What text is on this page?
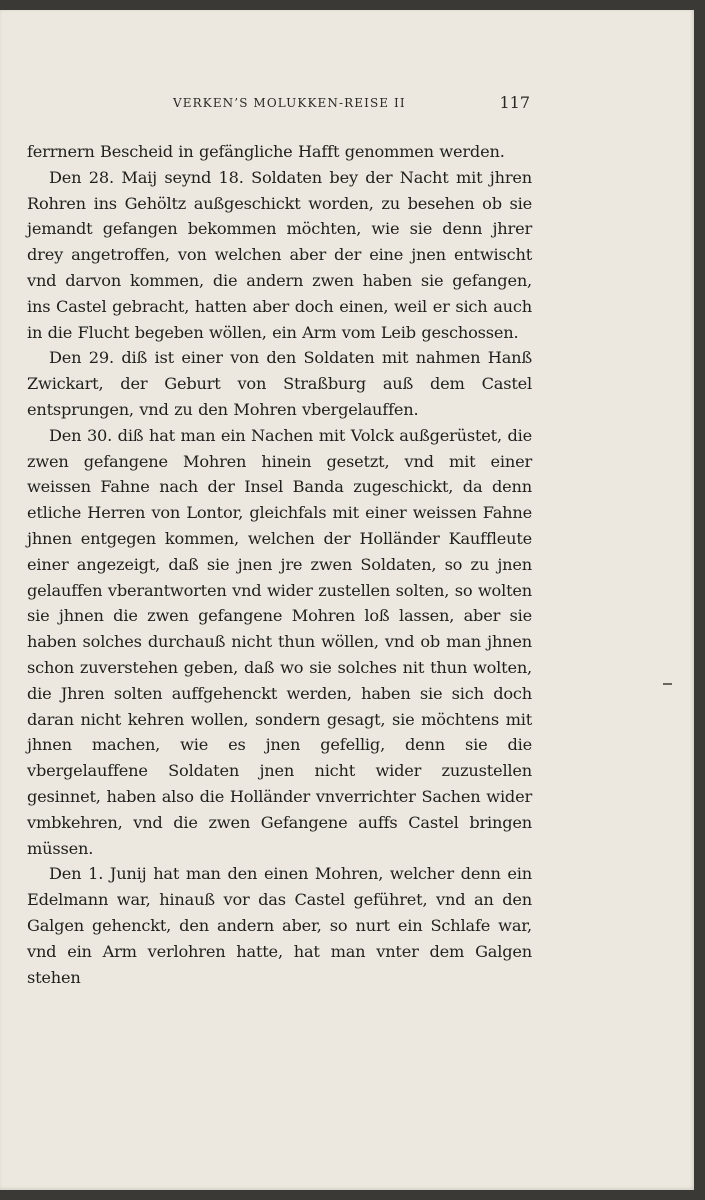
VERKEN’S MOLUKKEN-REISE II	117

ferrnern Bescheid in gefängliche Hafft genommen werden.

Den 28. Maij seynd 18. Soldaten bey der Nacht mit jhren Rohren ins Gehöltz außgeschickt worden, zu besehen ob sie jemandt gefangen bekommen möchten, wie sie denn jhrer drey angetroffen, von welchen aber der eine jnen entwischt vnd darvon kommen, die andern zwen haben sie gefangen, ins Castel gebracht, hatten aber doch einen, weil er sich auch in die Flucht begeben wöllen, ein Arm vom Leib geschossen.

Den 29. diß ist einer von den Soldaten mit nahmen Hanß Zwickart, der Geburt von Straßburg auß dem Castel entsprungen, vnd zu den Mohren vbergelauffen.

Den 30. diß hat man ein Nachen mit Volck außgerüstet, die zwen gefangene Mohren hinein gesetzt, vnd mit einer weissen Fahne nach der Insel Banda zugeschickt, da denn etliche Herren von Lontor, gleichfals mit einer weissen Fahne jhnen entgegen kommen, welchen der Holländer Kauffleute einer angezeigt, daß sie jnen jre zwen Soldaten, so zu jnen gelauffen vberantworten vnd wider zustellen solten, so wolten sie jhnen die zwen gefangene Mohren loß lassen, aber sie haben solches durchauß nicht thun wöllen, vnd ob man jhnen schon zuverstehen geben, daß wo sie solches nit thun wolten, die Jhren solten auffgehenckt werden, haben sie sich doch daran nicht kehren wollen, sondern gesagt, sie möchtens mit jhnen machen, wie es jnen gefellig, denn sie die vbergelauffene Soldaten jnen nicht wider zuzustellen gesinnet, haben also die Holländer vnverrichter Sachen wider vmbkehren, vnd die zwen Gefangene auffs Castel bringen müssen.

Den 1. Junij hat man den einen Mohren, welcher denn ein Edelmann war, hinauß vor das Castel geführet, vnd an den Galgen gehenckt, den andern aber, so nurt ein Schlafe war, vnd ein Arm verlohren hatte, hat man vnter dem Galgen stehen
